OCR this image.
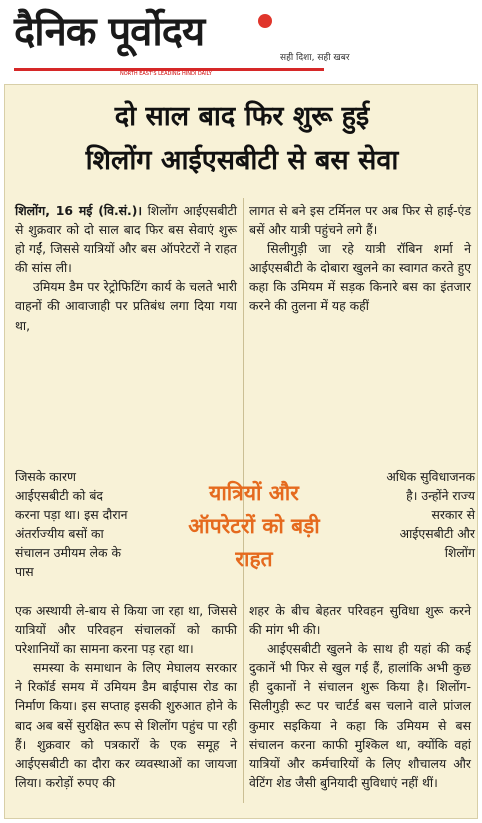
दैनिक पूर्वोदय
सही दिशा, सही खबर
NORTH EAST'S LEADING HINDI DAILY
दो साल बाद फिर शुरू हुई
शिलोंग आईएसबीटी से बस सेवा

शिलोंग, 16 मई (वि.सं.)। शिलोंग आईएसबीटी से शुक्रवार को दो साल बाद फिर बस सेवाएं शुरू हो गईं, जिससे यात्रियों और बस ऑपरेटरों ने राहत की सांस ली।

उमियम डैम पर रेट्रोफिटिंग कार्य के चलते भारी वाहनों की आवाजाही पर प्रतिबंध लगा दिया गया था,

लागत से बने इस टर्मिनल पर अब फिर से हाई-एंड बसें और यात्री पहुंचने लगे हैं।

सिलीगुड़ी जा रहे यात्री रॉबिन शर्मा ने आईएसबीटी के दोबारा खुलने का स्वागत करते हुए कहा कि उमियम में सड़क किनारे बस का इंतजार करने की तुलना में यह कहीं

जिसके कारण आईएसबीटी को बंद करना पड़ा था। इस दौरान अंतर्राज्यीय बसों का संचालन उमीयम लेक के पास
यात्रियों और
ऑपरेटरों को बड़ी
राहत
अधिक सुविधाजनक है। उन्होंने राज्य सरकार से आईएसबीटी और शिलोंग

एक अस्थायी ले-बाय से किया जा रहा था, जिससे यात्रियों और परिवहन संचालकों को काफी परेशानियों का सामना करना पड़ रहा था।

समस्या के समाधान के लिए मेघालय सरकार ने रिकॉर्ड समय में उमियम डैम बाईपास रोड का निर्माण किया। इस सप्ताह इसकी शुरुआत होने के बाद अब बसें सुरक्षित रूप से शिलोंग पहुंच पा रही हैं। शुक्रवार को पत्रकारों के एक समूह ने आईएसबीटी का दौरा कर व्यवस्थाओं का जायजा लिया। करोड़ों रुपए की

शहर के बीच बेहतर परिवहन सुविधा शुरू करने की मांग भी की।

आईएसबीटी खुलने के साथ ही यहां की कई दुकानें भी फिर से खुल गई हैं, हालांकि अभी कुछ ही दुकानों ने संचालन शुरू किया है। शिलोंग-सिलीगुड़ी रूट पर चार्टर्ड बस चलाने वाले प्रांजल कुमार सइकिया ने कहा कि उमियम से बस संचालन करना काफी मुश्किल था, क्योंकि वहां यात्रियों और कर्मचारियों के लिए शौचालय और वेटिंग शेड जैसी बुनियादी सुविधाएं नहीं थीं।
